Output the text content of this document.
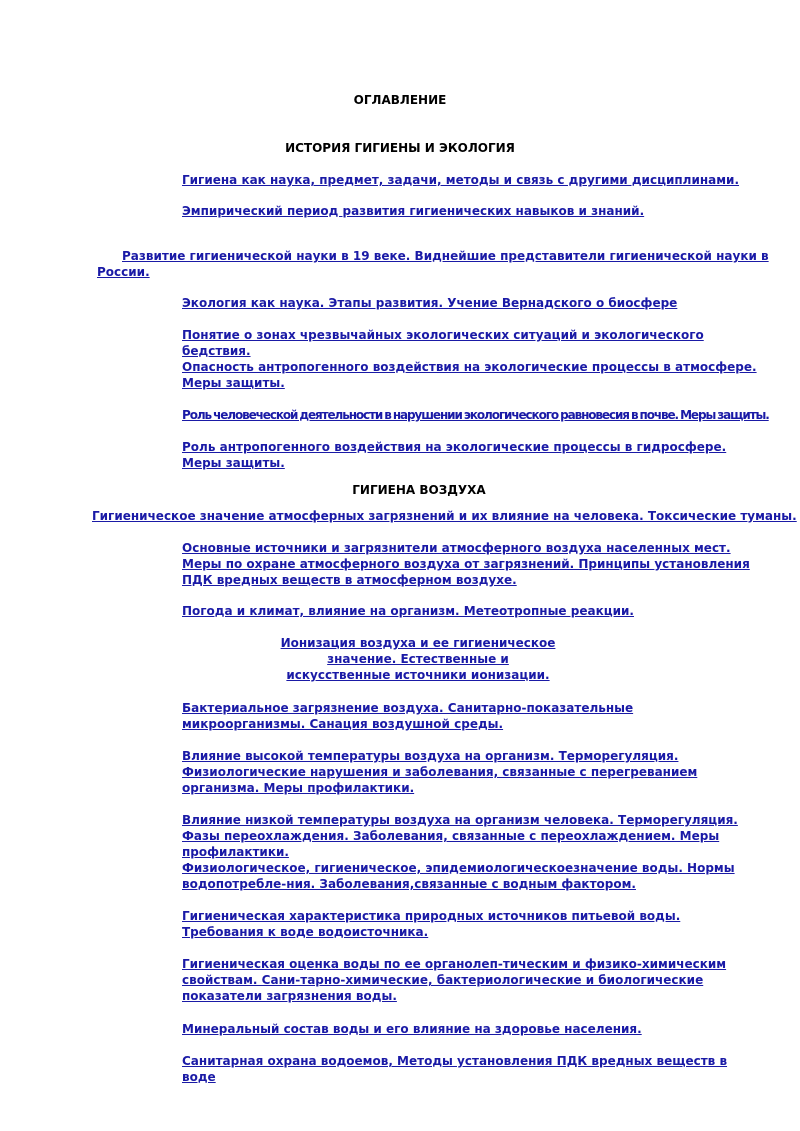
ОГЛАВЛЕНИЕ
ИСТОРИЯ ГИГИЕНЫ И ЭКОЛОГИЯ
Гигиена как наука, предмет, задачи, методы и связь с другими дисциплинами.
Эмпирический период развития гигиенических навыков и знаний.
Развитие гигиенической науки в 19 веке. Виднейшие представители гигиенической науки в
России.
Экология как наука. Этапы развития. Учение Вернадского о биосфере
Понятие о зонах чрезвычайных экологических ситуаций и экологического бедствия.
Опасность антропогенного воздействия на экологические процессы в атмосфере. Меры защиты.
Роль человеческой деятельности в нарушении экологического равновесия в почве. Меры защиты.
Роль антропогенного воздействия на экологические процессы в гидросфере. Меры защиты.
ГИГИЕНА ВОЗДУХА
Гигиеническое значение атмосферных загрязнений и их влияние на человека. Токсические туманы.
Основные источники и загрязнители атмосферного воздуха населенных мест. Меры по охране атмосферного воздуха от загрязнений. Принципы установления ПДК вредных веществ в атмосферном воздухе.
Погода и климат, влияние на организм. Метеотропные реакции.
Ионизация воздуха и ее гигиеническое значение. Естественные и искусственные источники ионизации.
Бактериальное загрязнение воздуха. Санитарно-показательные микроорганизмы. Санация воздушной среды.
Влияние высокой температуры воздуха на организм. Терморегуляция. Физиологические нарушения и заболевания, связанные с перегреванием организма. Меры профилактики.
Влияние низкой температуры воздуха на организм человека. Терморегуляция. Фазы переохлаждения. Заболевания, связанные с переохлаждением. Меры профилактики.
Физиологическое, гигиеническое, эпидемиологическоезначение воды. Нормы водопотребле-ния. Заболевания,связанные с водным фактором.
Гигиеническая характеристика природных источников питьевой воды. Требования к воде водоисточника.
Гигиеническая оценка воды по ее органолеп-тическим и физико-химическим свойствам. Сани-тарно-химические, бактериологические и биологические показатели загрязнения воды.
Минеральный состав воды и его влияние на здоровье населения.
Санитарная охрана водоемов, Методы установления ПДК вредных веществ в воде
